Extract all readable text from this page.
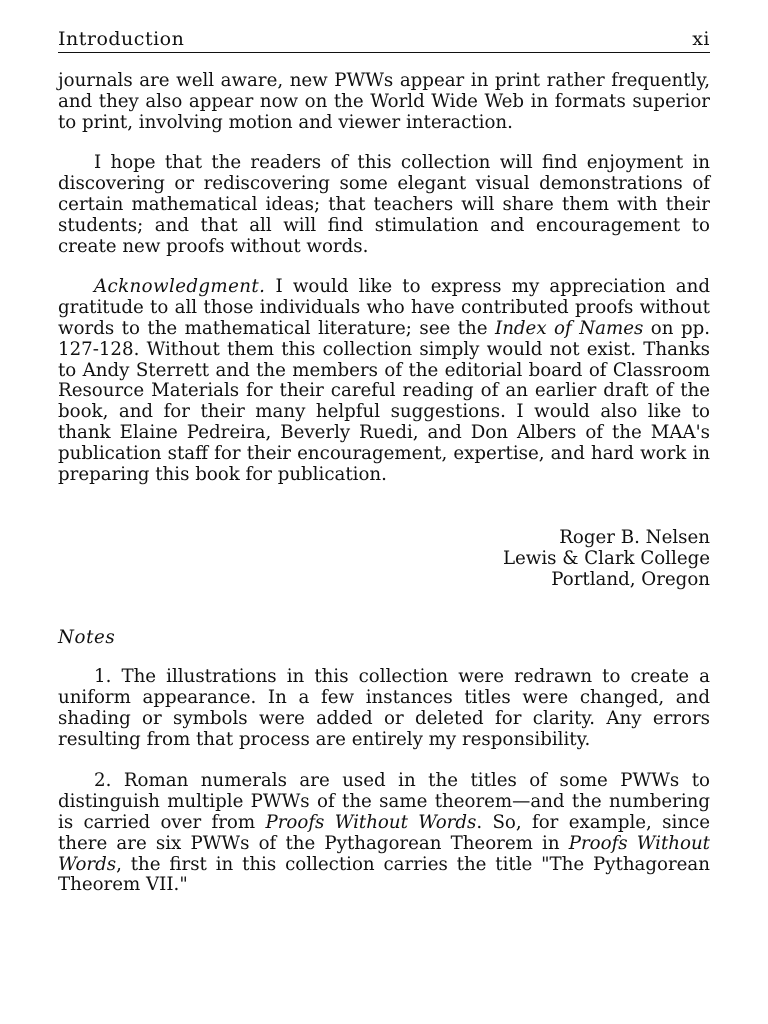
Introduction	xi

journals are well aware, new PWWs appear in print rather frequently, and they also appear now on the World Wide Web in formats superior to print, involving motion and viewer interaction.

I hope that the readers of this collection will find enjoyment in discovering or rediscovering some elegant visual demonstrations of certain mathematical ideas; that teachers will share them with their students; and that all will find stimulation and encouragement to create new proofs without words.

Acknowledgment. I would like to express my appreciation and gratitude to all those individuals who have contributed proofs without words to the mathematical literature; see the Index of Names on pp. 127-128. Without them this collection simply would not exist. Thanks to Andy Sterrett and the members of the editorial board of Classroom Resource Materials for their careful reading of an earlier draft of the book, and for their many helpful suggestions. I would also like to thank Elaine Pedreira, Beverly Ruedi, and Don Albers of the MAA's publication staff for their encouragement, expertise, and hard work in preparing this book for publication.

Roger B. Nelsen
Lewis & Clark College
Portland, Oregon
Notes

1. The illustrations in this collection were redrawn to create a uniform appearance. In a few instances titles were changed, and shading or symbols were added or deleted for clarity. Any errors resulting from that process are entirely my responsibility.

2. Roman numerals are used in the titles of some PWWs to distinguish multiple PWWs of the same theorem—and the numbering is carried over from Proofs Without Words. So, for example, since there are six PWWs of the Pythagorean Theorem in Proofs Without Words, the first in this collection carries the title "The Pythagorean Theorem VII."
